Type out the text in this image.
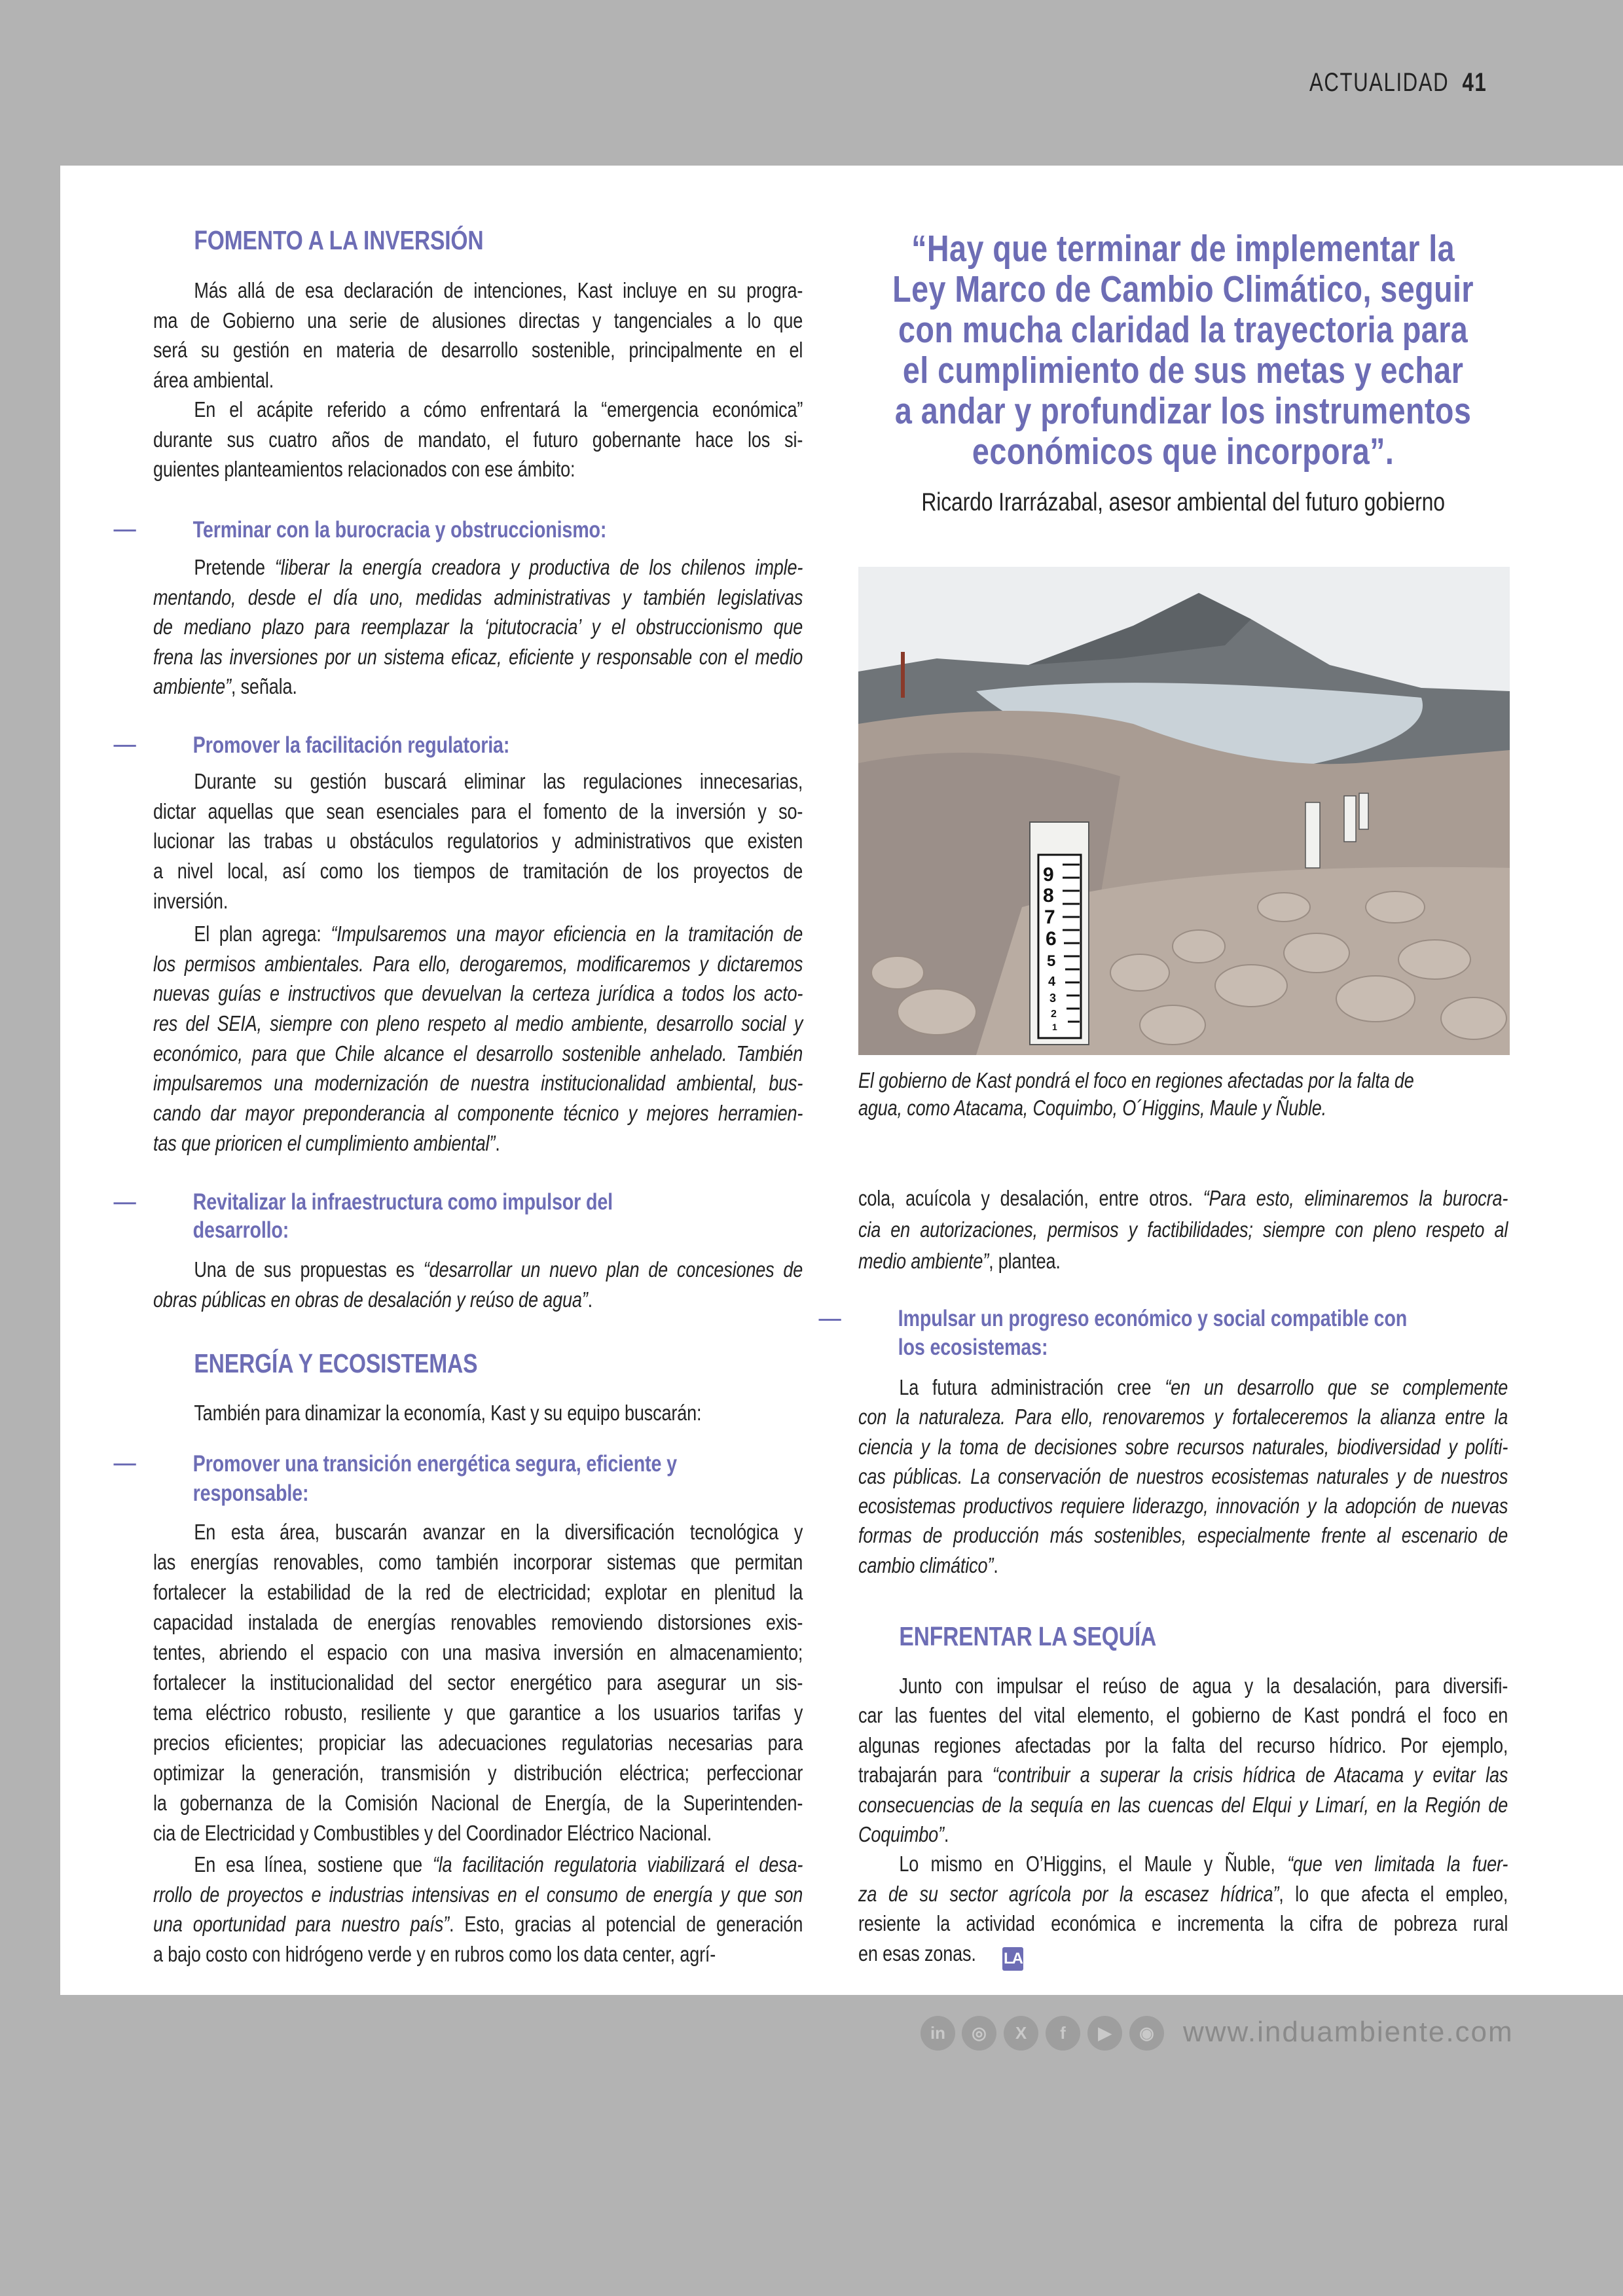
ACTUALIDAD 41
FOMENTO A LA INVERSIÓN
Más allá de esa declaración de intenciones, Kast incluye en su progra-
ma de Gobierno una serie de alusiones directas y tangenciales a lo que
será su gestión en materia de desarrollo sostenible, principalmente en el
área ambiental.
En el acápite referido a cómo enfrentará la “emergencia económica”
durante sus cuatro años de mandato, el futuro gobernante hace los si-
guientes planteamientos relacionados con ese ámbito:
Terminar con la burocracia y obstruccionismo:
Pretende “liberar la energía creadora y productiva de los chilenos imple-
mentando, desde el día uno, medidas administrativas y también legislativas
de mediano plazo para reemplazar la ‘pitutocracia’ y el obstruccionismo que
frena las inversiones por un sistema eficaz, eficiente y responsable con el medio
ambiente”, señala.
Promover la facilitación regulatoria:
Durante su gestión buscará eliminar las regulaciones innecesarias,
dictar aquellas que sean esenciales para el fomento de la inversión y so-
lucionar las trabas u obstáculos regulatorios y administrativos que existen
a nivel local, así como los tiempos de tramitación de los proyectos de
inversión.
El plan agrega: “Impulsaremos una mayor eficiencia en la tramitación de
los permisos ambientales. Para ello, derogaremos, modificaremos y dictaremos
nuevas guías e instructivos que devuelvan la certeza jurídica a todos los acto-
res del SEIA, siempre con pleno respeto al medio ambiente, desarrollo social y
económico, para que Chile alcance el desarrollo sostenible anhelado. También
impulsaremos una modernización de nuestra institucionalidad ambiental, bus-
cando dar mayor preponderancia al componente técnico y mejores herramien-
tas que prioricen el cumplimiento ambiental”.
Revitalizar la infraestructura como impulsor del
desarrollo:
Una de sus propuestas es “desarrollar un nuevo plan de concesiones de
obras públicas en obras de desalación y reúso de agua”.
ENERGÍA Y ECOSISTEMAS
También para dinamizar la economía, Kast y su equipo buscarán:
Promover una transición energética segura, eficiente y
responsable:
En esta área, buscarán avanzar en la diversificación tecnológica y
las energías renovables, como también incorporar sistemas que permitan
fortalecer la estabilidad de la red de electricidad; explotar en plenitud la
capacidad instalada de energías renovables removiendo distorsiones exis-
tentes, abriendo el espacio con una masiva inversión en almacenamiento;
fortalecer la institucionalidad del sector energético para asegurar un sis-
tema eléctrico robusto, resiliente y que garantice a los usuarios tarifas y
precios eficientes; propiciar las adecuaciones regulatorias necesarias para
optimizar la generación, transmisión y distribución eléctrica; perfeccionar
la gobernanza de la Comisión Nacional de Energía, de la Superintenden-
cia de Electricidad y Combustibles y del Coordinador Eléctrico Nacional.
En esa línea, sostiene que “la facilitación regulatoria viabilizará el desa-
rrollo de proyectos e industrias intensivas en el consumo de energía y que son
una oportunidad para nuestro país”. Esto, gracias al potencial de generación
a bajo costo con hidrógeno verde y en rubros como los data center, agrí-
“Hay que terminar de implementar la
Ley Marco de Cambio Climático, seguir
con mucha claridad la trayectoria para
el cumplimiento de sus metas y echar
a andar y profundizar los instrumentos
económicos que incorpora”.
Ricardo Irarrázabal, asesor ambiental del futuro gobierno
El gobierno de Kast pondrá el foco en regiones afectadas por la falta de
agua, como Atacama, Coquimbo, O´Higgins, Maule y Ñuble.
cola, acuícola y desalación, entre otros. “Para esto, eliminaremos la burocra-
cia en autorizaciones, permisos y factibilidades; siempre con pleno respeto al
medio ambiente”, plantea.
Impulsar un progreso económico y social compatible con
los ecosistemas:
La futura administración cree “en un desarrollo que se complemente
con la naturaleza. Para ello, renovaremos y fortaleceremos la alianza entre la
ciencia y la toma de decisiones sobre recursos naturales, biodiversidad y políti-
cas públicas. La conservación de nuestros ecosistemas naturales y de nuestros
ecosistemas productivos requiere liderazgo, innovación y la adopción de nuevas
formas de producción más sostenibles, especialmente frente al escenario de
cambio climático”.
ENFRENTAR LA SEQUÍA
Junto con impulsar el reúso de agua y la desalación, para diversifi-
car las fuentes del vital elemento, el gobierno de Kast pondrá el foco en
algunas regiones afectadas por la falta del recurso hídrico. Por ejemplo,
trabajarán para “contribuir a superar la crisis hídrica de Atacama y evitar las
consecuencias de la sequía en las cuencas del Elqui y Limarí, en la Región de
Coquimbo”.
Lo mismo en O’Higgins, el Maule y Ñuble, “que ven limitada la fuer-
za de su sector agrícola por la escasez hídrica”, lo que afecta el empleo,
resiente la actividad económica e incrementa la cifra de pobreza rural
en esas zonas.
9
8
7
6
5
4
3
2
1
LA
in	◎	X	f	▶	◉	www.induambiente.com
